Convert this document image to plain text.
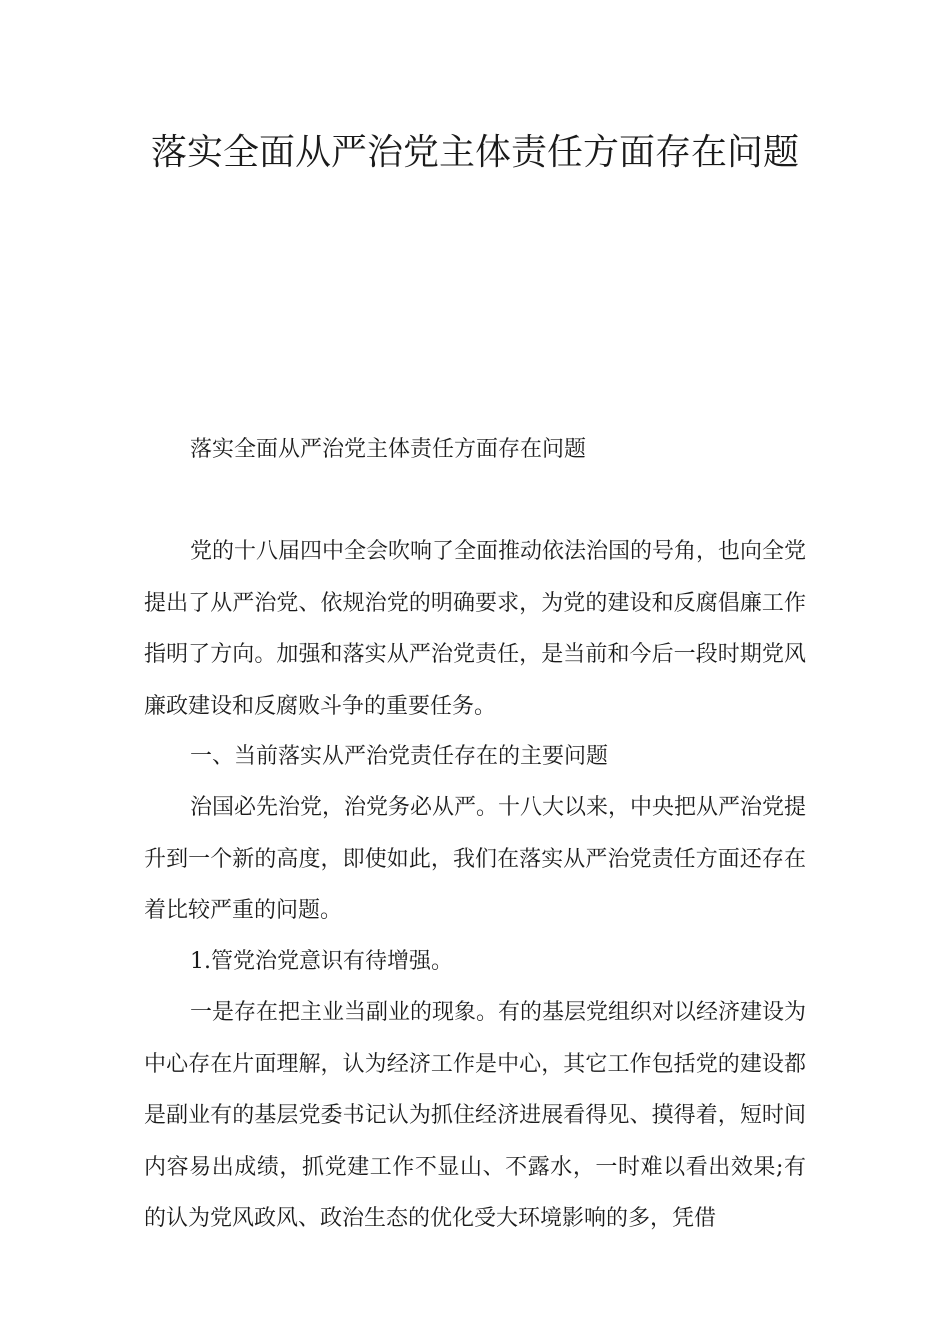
落实全面从严治党主体责任方面存在问题

落实全面从严治党主体责任方面存在问题

党的十八届四中全会吹响了全面推动依法治国的号角，也向全党提出了从严治党、依规治党的明确要求，为党的建设和反腐倡廉工作指明了方向。加强和落实从严治党责任，是当前和今后一段时期党风廉政建设和反腐败斗争的重要任务。

一、当前落实从严治党责任存在的主要问题

治国必先治党，治党务必从严。十八大以来，中央把从严治党提升到一个新的高度，即使如此，我们在落实从严治党责任方面还存在着比较严重的问题。

1.管党治党意识有待增强。

一是存在把主业当副业的现象。有的基层党组织对以经济建设为中心存在片面理解，认为经济工作是中心，其它工作包括党的建设都是副业有的基层党委书记认为抓住经济进展看得见、摸得着，短时间内容易出成绩，抓党建工作不显山、不露水，一时难以看出效果;有的认为党风政风、政治生态的优化受大环境影响的多，凭借
